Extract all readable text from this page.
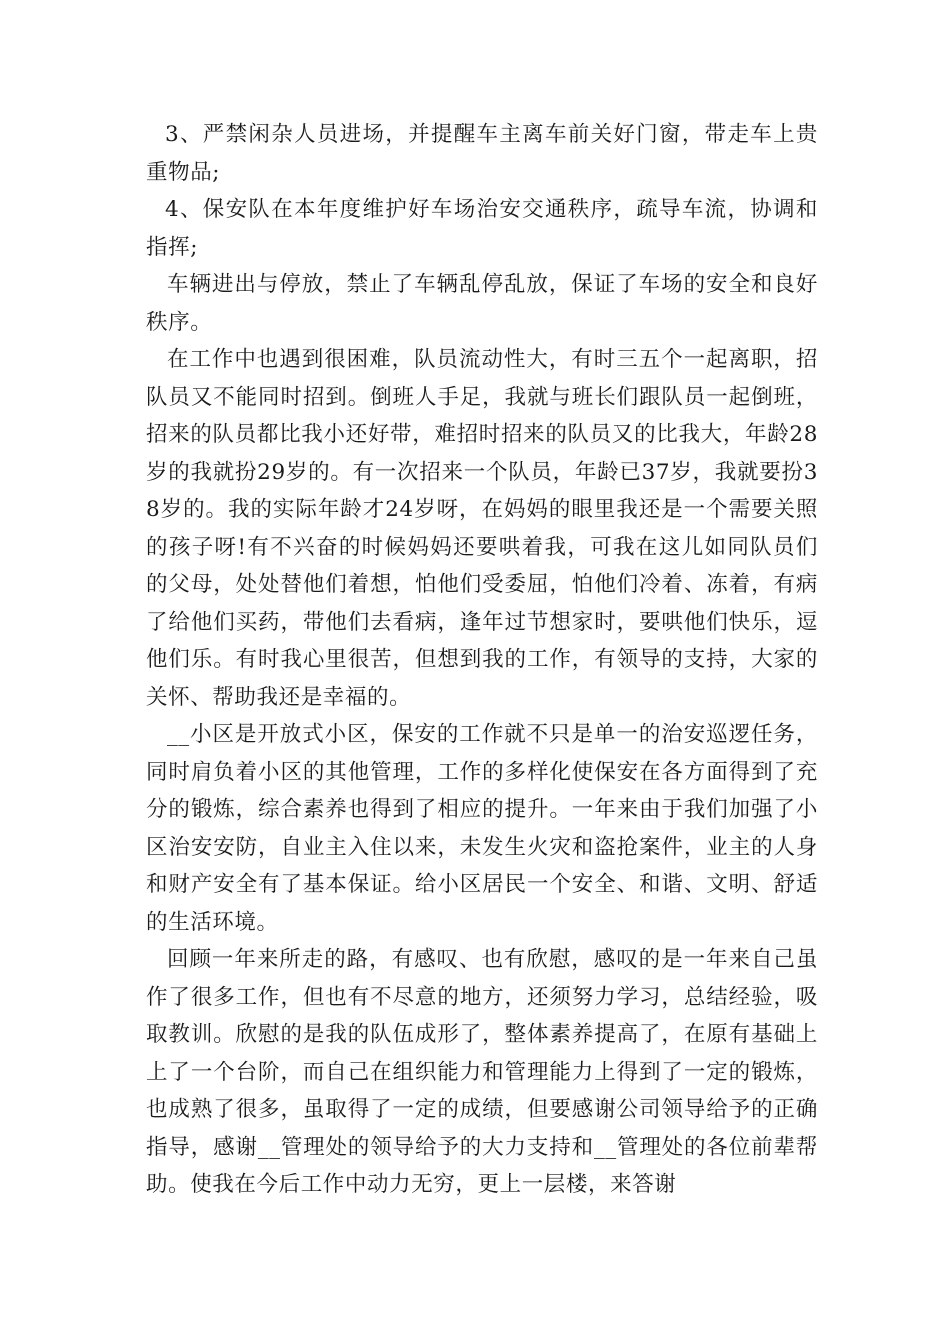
3、严禁闲杂人员进场，并提醒车主离车前关好门窗，带走车上贵重物品;

4、保安队在本年度维护好车场治安交通秩序，疏导车流，协调和指挥;

车辆进出与停放，禁止了车辆乱停乱放，保证了车场的安全和良好秩序。

在工作中也遇到很困难，队员流动性大，有时三五个一起离职，招队员又不能同时招到。倒班人手足，我就与班长们跟队员一起倒班，招来的队员都比我小还好带，难招时招来的队员又的比我大，年龄28岁的我就扮29岁的。有一次招来一个队员，年龄已37岁，我就要扮38岁的。我的实际年龄才24岁呀，在妈妈的眼里我还是一个需要关照的孩子呀!有不兴奋的时候妈妈还要哄着我，可我在这儿如同队员们的父母，处处替他们着想，怕他们受委屈，怕他们冷着、冻着，有病了给他们买药，带他们去看病，逢年过节想家时，要哄他们快乐，逗他们乐。有时我心里很苦，但想到我的工作，有领导的支持，大家的关怀、帮助我还是幸福的。

__小区是开放式小区，保安的工作就不只是单一的治安巡逻任务，同时肩负着小区的其他管理，工作的多样化使保安在各方面得到了充分的锻炼，综合素养也得到了相应的提升。一年来由于我们加强了小区治安安防，自业主入住以来，未发生火灾和盗抢案件，业主的人身和财产安全有了基本保证。给小区居民一个安全、和谐、文明、舒适的生活环境。

回顾一年来所走的路，有感叹、也有欣慰，感叹的是一年来自己虽作了很多工作，但也有不尽意的地方，还须努力学习，总结经验，吸取教训。欣慰的是我的队伍成形了，整体素养提高了，在原有基础上上了一个台阶，而自己在组织能力和管理能力上得到了一定的锻炼，也成熟了很多，虽取得了一定的成绩，但要感谢公司领导给予的正确指导，感谢__管理处的领导给予的大力支持和__管理处的各位前辈帮助。使我在今后工作中动力无穷，更上一层楼，来答谢
